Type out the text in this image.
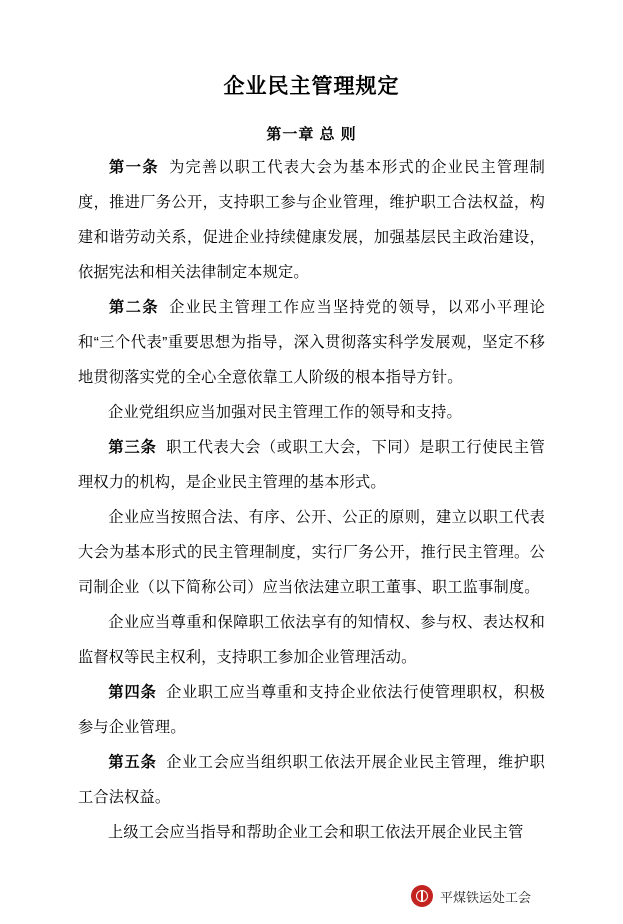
企业民主管理规定
第一章 总 则

第一条 为完善以职工代表大会为基本形式的企业民主管理制度，推进厂务公开，支持职工参与企业管理，维护职工合法权益，构建和谐劳动关系，促进企业持续健康发展，加强基层民主政治建设，依据宪法和相关法律制定本规定。

第二条 企业民主管理工作应当坚持党的领导，以邓小平理论和“三个代表”重要思想为指导，深入贯彻落实科学发展观，坚定不移地贯彻落实党的全心全意依靠工人阶级的根本指导方针。

企业党组织应当加强对民主管理工作的领导和支持。

第三条 职工代表大会（或职工大会，下同）是职工行使民主管理权力的机构，是企业民主管理的基本形式。

企业应当按照合法、有序、公开、公正的原则，建立以职工代表大会为基本形式的民主管理制度，实行厂务公开，推行民主管理。公司制企业（以下简称公司）应当依法建立职工董事、职工监事制度。

企业应当尊重和保障职工依法享有的知情权、参与权、表达权和监督权等民主权利，支持职工参加企业管理活动。

第四条 企业职工应当尊重和支持企业依法行使管理职权，积极参与企业管理。

第五条 企业工会应当组织职工依法开展企业民主管理，维护职工合法权益。

上级工会应当指导和帮助企业工会和职工依法开展企业民主管

平煤铁运处工会
